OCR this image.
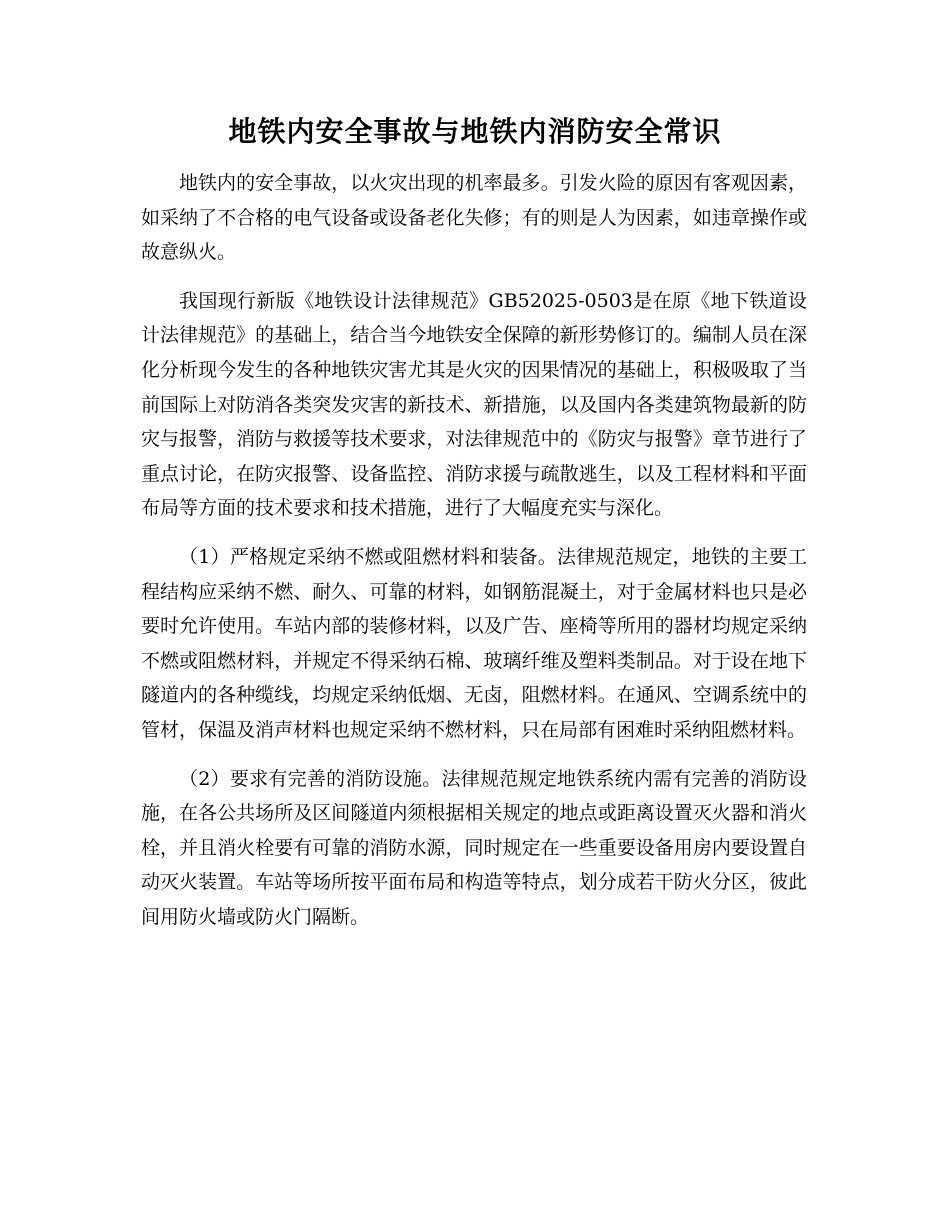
地铁内安全事故与地铁内消防安全常识

地铁内的安全事故，以火灾出现的机率最多。引发火险的原因有客观因素，如采纳了不合格的电气设备或设备老化失修；有的则是人为因素，如违章操作或故意纵火。

我国现行新版《地铁设计法律规范》GB52025-0503是在原《地下铁道设计法律规范》的基础上，结合当今地铁安全保障的新形势修订的。编制人员在深化分析现今发生的各种地铁灾害尤其是火灾的因果情况的基础上，积极吸取了当前国际上对防消各类突发灾害的新技术、新措施，以及国内各类建筑物最新的防灾与报警，消防与救援等技术要求，对法律规范中的《防灾与报警》章节进行了重点讨论，在防灾报警、设备监控、消防求援与疏散逃生，以及工程材料和平面布局等方面的技术要求和技术措施，进行了大幅度充实与深化。

（1）严格规定采纳不燃或阻燃材料和装备。法律规范规定，地铁的主要工程结构应采纳不燃、耐久、可靠的材料，如钢筋混凝土，对于金属材料也只是必要时允许使用。车站内部的装修材料，以及广告、座椅等所用的器材均规定采纳不燃或阻燃材料，并规定不得采纳石棉、玻璃纤维及塑料类制品。对于设在地下隧道内的各种缆线，均规定采纳低烟、无卤，阻燃材料。在通风、空调系统中的管材，保温及消声材料也规定采纳不燃材料，只在局部有困难时采纳阻燃材料。

（2）要求有完善的消防设施。法律规范规定地铁系统内需有完善的消防设施，在各公共场所及区间隧道内须根据相关规定的地点或距离设置灭火器和消火栓，并且消火栓要有可靠的消防水源，同时规定在一些重要设备用房内要设置自动灭火装置。车站等场所按平面布局和构造等特点，划分成若干防火分区，彼此间用防火墙或防火门隔断。
